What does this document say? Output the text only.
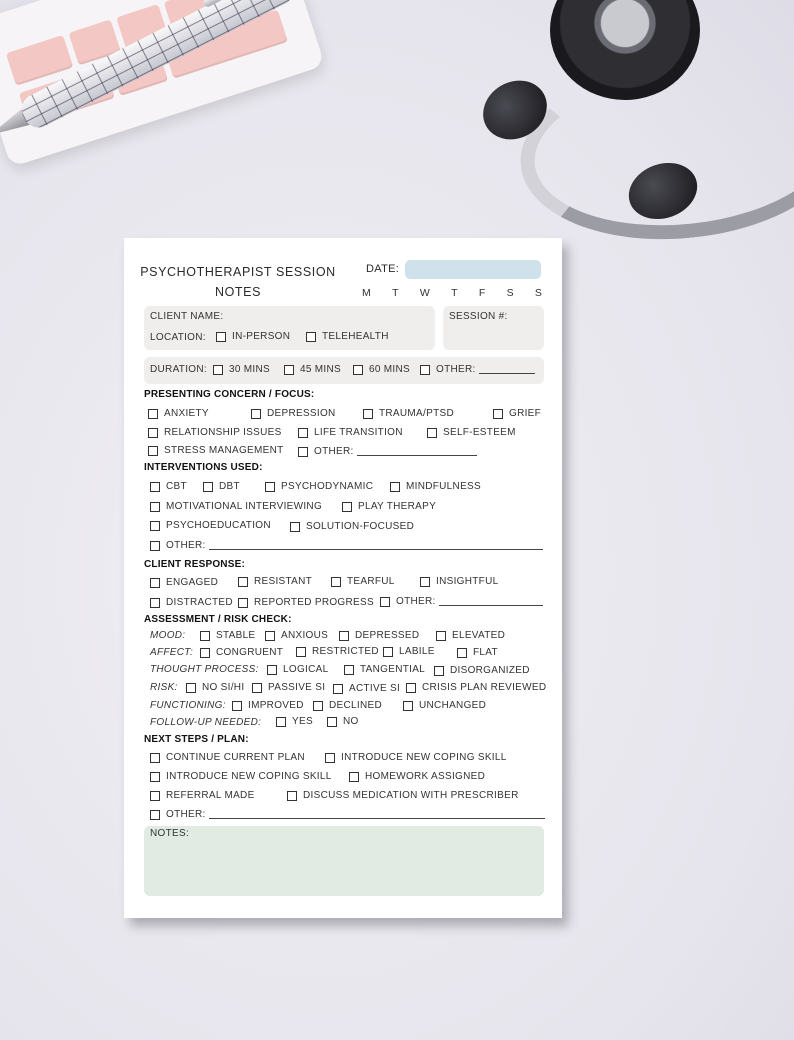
PSYCHOTHERAPIST SESSION NOTES
DATE:
M T W T F S S
CLIENT NAME:
LOCATION:	IN-PERSON	TELEHEALTH
SESSION #:
DURATION: 30 MINS	45 MINS	60 MINS	OTHER:
PRESENTING CONCERN / FOCUS:
ANXIETY	DEPRESSION	TRAUMA/PTSD	GRIEF
RELATIONSHIP ISSUES	LIFE TRANSITION	SELF-ESTEEM
STRESS MANAGEMENT	OTHER:
INTERVENTIONS USED:
CBT	DBT	PSYCHODYNAMIC	MINDFULNESS
MOTIVATIONAL INTERVIEWING	PLAY THERAPY
PSYCHOEDUCATION	SOLUTION-FOCUSED
OTHER:
CLIENT RESPONSE:
ENGAGED	RESISTANT	TEARFUL	INSIGHTFUL
DISTRACTED REPORTED PROGRESS OTHER:
ASSESSMENT / RISK CHECK:
MOOD:	STABLE	ANXIOUS	DEPRESSED	ELEVATED
AFFECT: CONGRUENT	RESTRICTED LABILE	FLAT
THOUGHT PROCESS: LOGICAL	TANGENTIAL DISORGANIZED
RISK: NO SI/HI PASSIVE SI ACTIVE SI CRISIS PLAN REVIEWED
FUNCTIONING: IMPROVED	DECLINED	UNCHANGED
FOLLOW-UP NEEDED:	YES	NO
NEXT STEPS / PLAN:
CONTINUE CURRENT PLAN	INTRODUCE NEW COPING SKILL
INTRODUCE NEW COPING SKILL	HOMEWORK ASSIGNED
REFERRAL MADE	DISCUSS MEDICATION WITH PRESCRIBER
OTHER:
NOTES:
